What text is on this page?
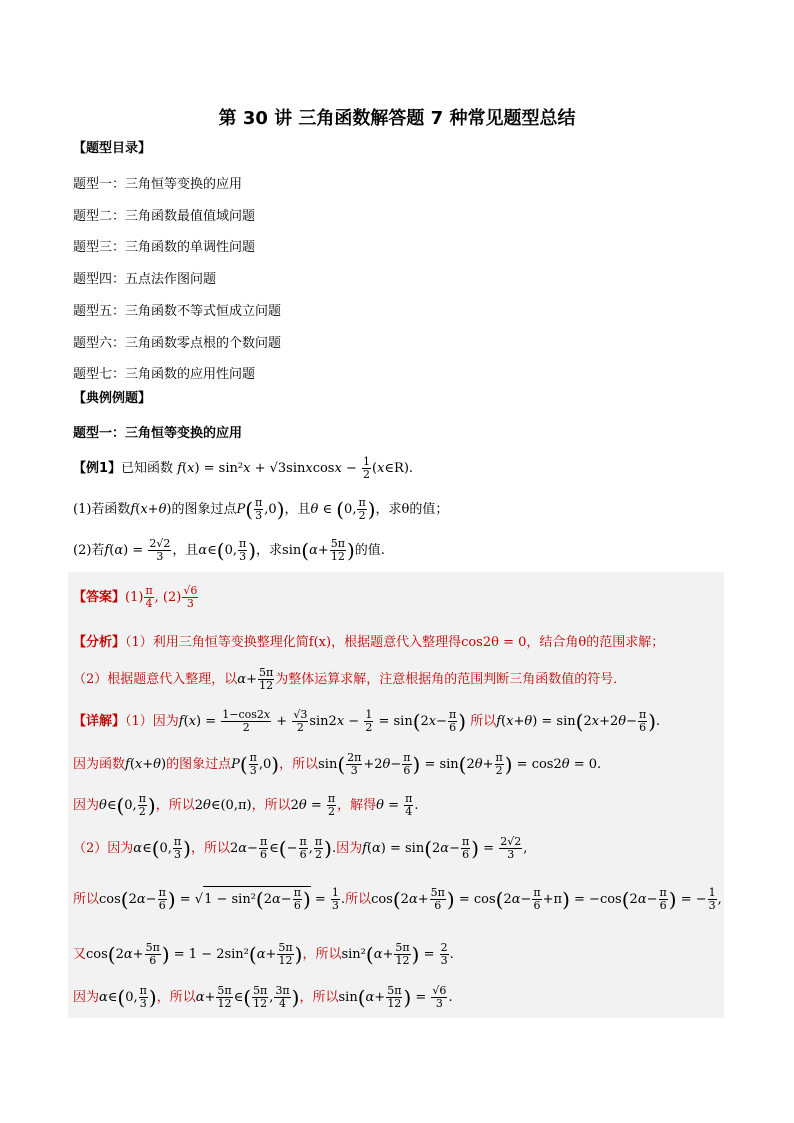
第 30 讲 三角函数解答题 7 种常见题型总结
【题型目录】
题型一：三角恒等变换的应用
题型二：三角函数最值值域问题
题型三：三角函数的单调性问题
题型四：五点法作图问题
题型五：三角函数不等式恒成立问题
题型六：三角函数零点根的个数问题
题型七：三角函数的应用性问题
【典例例题】
题型一：三角恒等变换的应用
【例1】已知函数 f(x) = sin²x + √3sinxcosx − $\frac{1}{2}$ (x∈R).
(1)若函数f(x+θ)的图象过点$P( \frac{\pi}{3} ,0)$，且θ ∈ (0, $\frac{\pi}{2}$ )，求θ的值；
(2)若$f(\alpha) = \frac{2√2}{3}$ ，且α∈(0, $\frac{\pi}{3}$ )，求$\sin(\alpha+ \frac{5\pi}{12}$ )的值.
【答案】$(1) \frac{\pi}{4}$ , $(2) \frac{√6}{3}$
【分析】（1）利用三角恒等变换整理化简f(x)，根据题意代入整理得cos2θ = 0，结合角θ的范围求解；
（2）根据题意代入整理，以$\alpha+ \frac{5\pi}{12}$ 为整体运算求解，注意根据角的范围判断三角函数值的符号．
【详解】（1）因为$f(x) = \frac{1-\cos 2x}{2} + \frac{√3}{2} \sin 2x - \frac{1}{2} = \sin(2x- \frac{\pi}{6}$ ) 所以$f(x+\theta) = \sin(2x+2\theta- \frac{\pi}{6}$ ).
因为函数f(x+θ)的图象过点$P( \frac{\pi}{3} ,0)$，所以$\sin( \frac{2\pi}{3} +2\theta- \frac{\pi}{6}$ ) = $\sin(2\theta+ \frac{\pi}{2}$ ) = cos2θ = 0.
因为θ∈(0, $\frac{\pi}{2}$ )，所以2θ∈(0,π)，所以$2\theta = \frac{\pi}{2}$ ，解得$\theta = \frac{\pi}{4}$ .
（2）因为α∈(0, $\frac{\pi}{3}$ )，所以$2\alpha- \frac{\pi}{6}$ ∈(− $\frac{\pi}{6}$ , $\frac{\pi}{2}$ ).因为$f(\alpha) = \sin(2\alpha- \frac{\pi}{6}$ ) = $\frac{2√2}{3}$ ,
所以$\cos(2\alpha- \frac{\pi}{6}$ ) = $√1 - \sin^2(2\alpha- \frac{\pi}{6}$ ) = $\frac{1}{3}$ .所以$\cos(2\alpha+ \frac{5\pi}{6}$ ) = $\cos(2\alpha- \frac{\pi}{6} +\pi) = -\cos(2\alpha- \frac{\pi}{6}$ ) = − $\frac{1}{3}$ ,
又$\cos(2\alpha+ \frac{5\pi}{6}$ ) = $1 - 2\sin^2(\alpha+ \frac{5\pi}{12}$ )，所以$\sin^2(\alpha+ \frac{5\pi}{12}$ ) = $\frac{2}{3}$ .
因为α∈(0, $\frac{\pi}{3}$ )，所以$\alpha+ \frac{5\pi}{12}$ ∈( $\frac{5\pi}{12}$ , $\frac{3\pi}{4}$ )，所以$\sin(\alpha+ \frac{5\pi}{12}$ ) = $\frac{√6}{3}$ .
